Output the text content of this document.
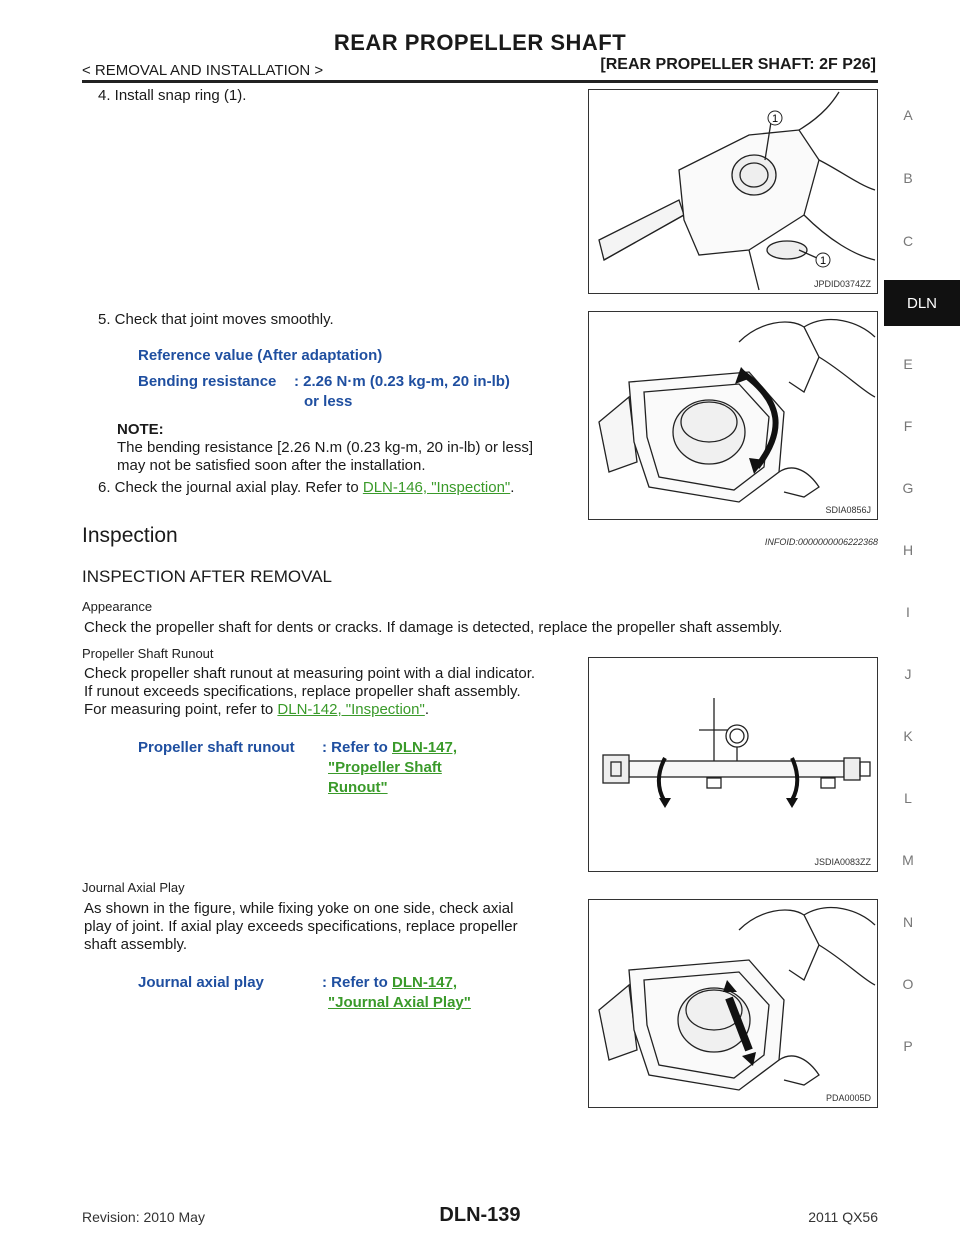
REAR PROPELLER SHAFT
< REMOVAL AND INSTALLATION >	[REAR PROPELLER SHAFT: 2F P26]
A
B
C
DLN
E
F
G
H
I
J
K
L
M
N
O
P
4. Install snap ring (1).
1
1
JPDID0374ZZ
5. Check that joint moves smoothly.
Reference value (After adaptation)
Bending resistance : 2.26 N·m (0.23 kg-m, 20 in-lb)
or less
NOTE:
The bending resistance [2.26 N.m (0.23 kg-m, 20 in-lb) or less]
may not be satisfied soon after the installation.
6. Check the journal axial play. Refer to DLN-146, "Inspection".
SDIA0856J
Inspection	INFOID:0000000006222368
INSPECTION AFTER REMOVAL
Appearance
Check the propeller shaft for dents or cracks. If damage is detected, replace the propeller shaft assembly.
Propeller Shaft Runout
Check propeller shaft runout at measuring point with a dial indicator.
If runout exceeds specifications, replace propeller shaft assembly.
For measuring point, refer to DLN-142, "Inspection".
Propeller shaft runout : Refer to DLN-147,
"Propeller Shaft
Runout"
JSDIA0083ZZ
Journal Axial Play
As shown in the figure, while fixing yoke on one side, check axial
play of joint. If axial play exceeds specifications, replace propeller
shaft assembly.
Journal axial play	: Refer to DLN-147,
"Journal Axial Play"
PDA0005D
Revision: 2010 May	DLN-139	2011 QX56
